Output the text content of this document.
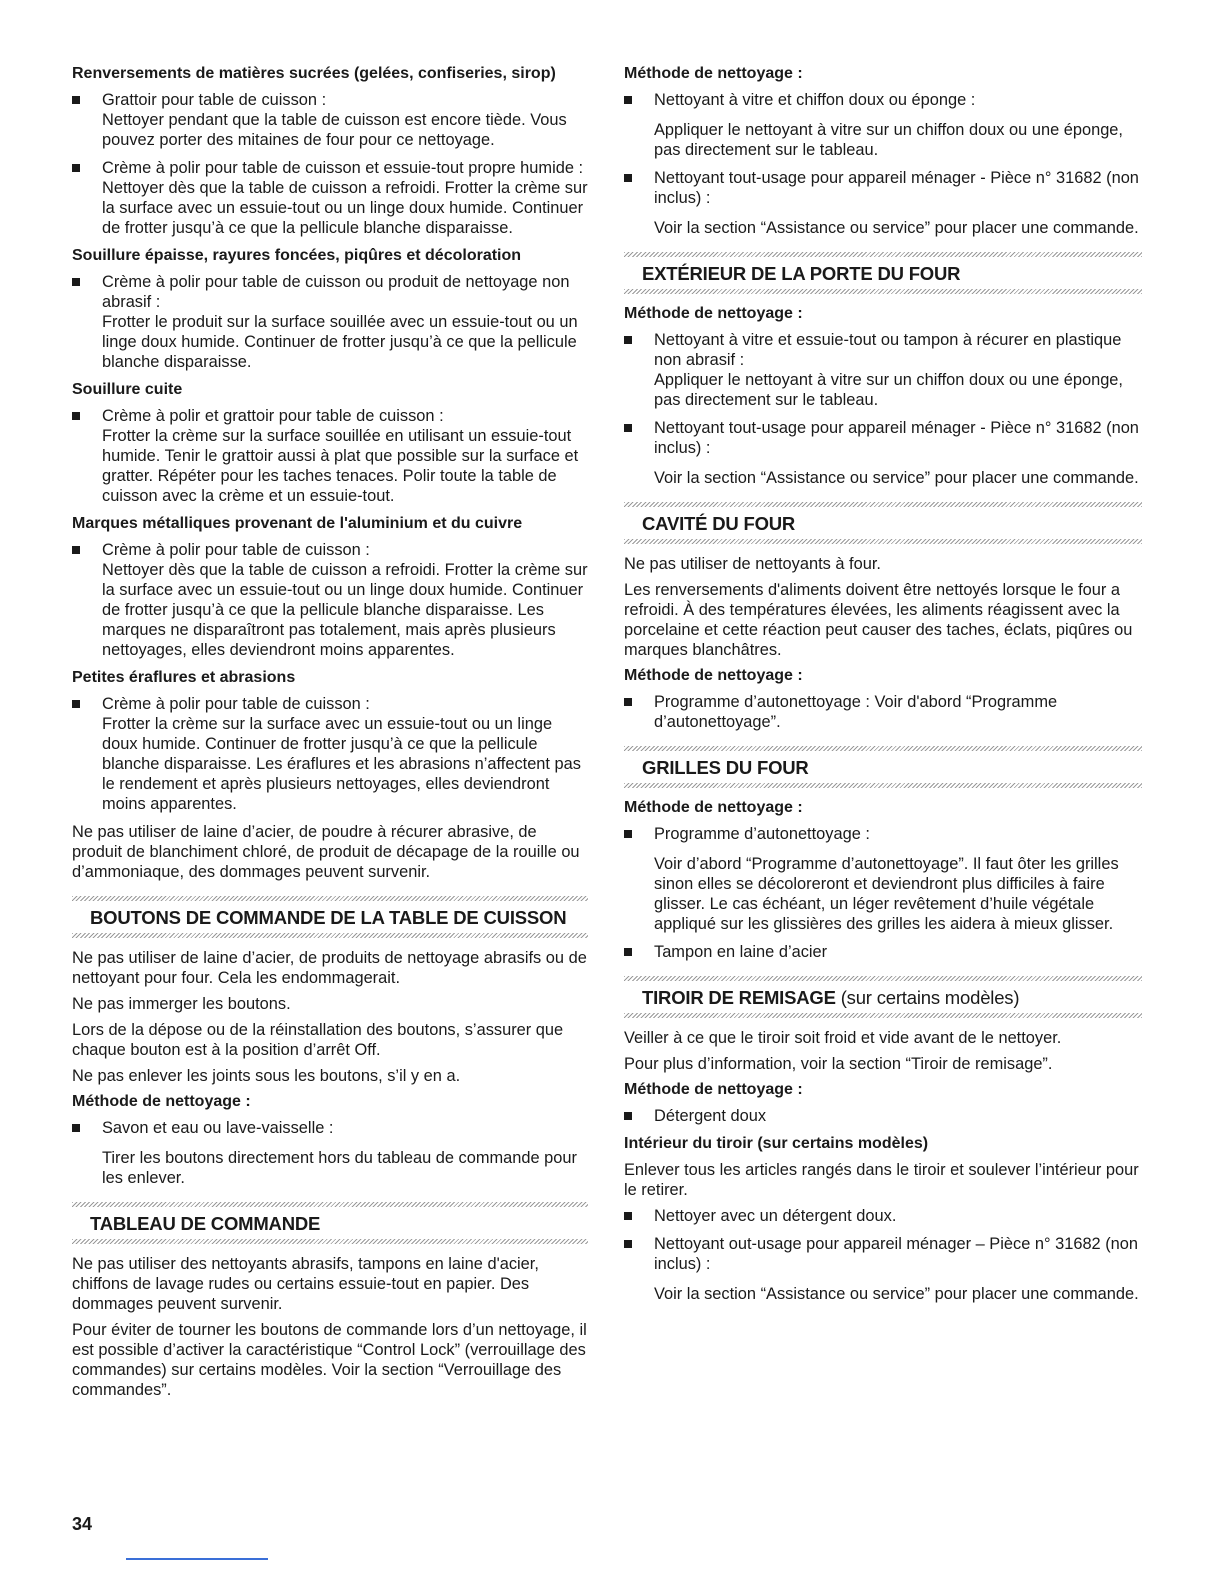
Renversements de matières sucrées (gelées, confiseries, sirop)

Grattoir pour table de cuisson :
Nettoyer pendant que la table de cuisson est encore tiède. Vous pouvez porter des mitaines de four pour ce nettoyage.
Crème à polir pour table de cuisson et essuie-tout propre humide :
Nettoyer dès que la table de cuisson a refroidi. Frotter la crème sur la surface avec un essuie-tout ou un linge doux humide. Continuer de frotter jusqu’à ce que la pellicule blanche disparaisse.

Souillure épaisse, rayures foncées, piqûres et décoloration

Crème à polir pour table de cuisson ou produit de nettoyage non abrasif :
Frotter le produit sur la surface souillée avec un essuie-tout ou un linge doux humide. Continuer de frotter jusqu’à ce que la pellicule blanche disparaisse.

Souillure cuite

Crème à polir et grattoir pour table de cuisson :
Frotter la crème sur la surface souillée en utilisant un essuie-tout humide. Tenir le grattoir aussi à plat que possible sur la surface et gratter. Répéter pour les taches tenaces. Polir toute la table de cuisson avec la crème et un essuie-tout.

Marques métalliques provenant de l'aluminium et du cuivre

Crème à polir pour table de cuisson :
Nettoyer dès que la table de cuisson a refroidi. Frotter la crème sur la surface avec un essuie-tout ou un linge doux humide. Continuer de frotter jusqu’à ce que la pellicule blanche disparaisse. Les marques ne disparaîtront pas totalement, mais après plusieurs nettoyages, elles deviendront moins apparentes.

Petites éraflures et abrasions

Crème à polir pour table de cuisson :
Frotter la crème sur la surface avec un essuie-tout ou un linge doux humide. Continuer de frotter jusqu’à ce que la pellicule blanche disparaisse. Les éraflures et les abrasions n’affectent pas le rendement et après plusieurs nettoyages, elles deviendront moins apparentes.

Ne pas utiliser de laine d’acier, de poudre à récurer abrasive, de produit de blanchiment chloré, de produit de décapage de la rouille ou d’ammoniaque, des dommages peuvent survenir.

BOUTONS DE COMMANDE DE LA TABLE DE CUISSON

Ne pas utiliser de laine d’acier, de produits de nettoyage abrasifs ou de nettoyant pour four. Cela les endommagerait.

Ne pas immerger les boutons.

Lors de la dépose ou de la réinstallation des boutons, s’assurer que chaque bouton est à la position d’arrêt Off.

Ne pas enlever les joints sous les boutons, s’il y en a.

Méthode de nettoyage :

Savon et eau ou lave-vaisselle :
Tirer les boutons directement hors du tableau de commande pour les enlever.
TABLEAU DE COMMANDE

Ne pas utiliser des nettoyants abrasifs, tampons en laine d'acier, chiffons de lavage rudes ou certains essuie-tout en papier. Des dommages peuvent survenir.

Pour éviter de tourner les boutons de commande lors d’un nettoyage, il est possible d’activer la caractéristique “Control Lock” (verrouillage des commandes) sur certains modèles. Voir la section “Verrouillage des commandes”.

Méthode de nettoyage :

Nettoyant à vitre et chiffon doux ou éponge :
Appliquer le nettoyant à vitre sur un chiffon doux ou une éponge, pas directement sur le tableau.
Nettoyant tout-usage pour appareil ménager - Pièce n° 31682 (non inclus) :
Voir la section “Assistance ou service” pour placer une commande.
EXTÉRIEUR DE LA PORTE DU FOUR

Méthode de nettoyage :

Nettoyant à vitre et essuie-tout ou tampon à récurer en plastique non abrasif :
Appliquer le nettoyant à vitre sur un chiffon doux ou une éponge, pas directement sur le tableau.
Nettoyant tout-usage pour appareil ménager - Pièce n° 31682 (non inclus) :
Voir la section “Assistance ou service” pour placer une commande.
CAVITÉ DU FOUR

Ne pas utiliser de nettoyants à four.

Les renversements d'aliments doivent être nettoyés lorsque le four a refroidi. À des températures élevées, les aliments réagissent avec la porcelaine et cette réaction peut causer des taches, éclats, piqûres ou marques blanchâtres.

Méthode de nettoyage :

Programme d’autonettoyage : Voir d'abord “Programme d’autonettoyage”.
GRILLES DU FOUR

Méthode de nettoyage :

Programme d’autonettoyage :
Voir d’abord “Programme d’autonettoyage”. Il faut ôter les grilles sinon elles se décoloreront et deviendront plus difficiles à faire glisser. Le cas échéant, un léger revêtement d’huile végétale appliqué sur les glissières des grilles les aidera à mieux glisser.
Tampon en laine d’acier
TIROIR DE REMISAGE (sur certains modèles)

Veiller à ce que le tiroir soit froid et vide avant de le nettoyer.

Pour plus d’information, voir la section “Tiroir de remisage”.

Méthode de nettoyage :

Détergent doux

Intérieur du tiroir (sur certains modèles)

Enlever tous les articles rangés dans le tiroir et soulever l’intérieur pour le retirer.

Nettoyer avec un détergent doux.
Nettoyant out-usage pour appareil ménager – Pièce n° 31682 (non inclus) :
Voir la section “Assistance ou service” pour placer une commande.
34
